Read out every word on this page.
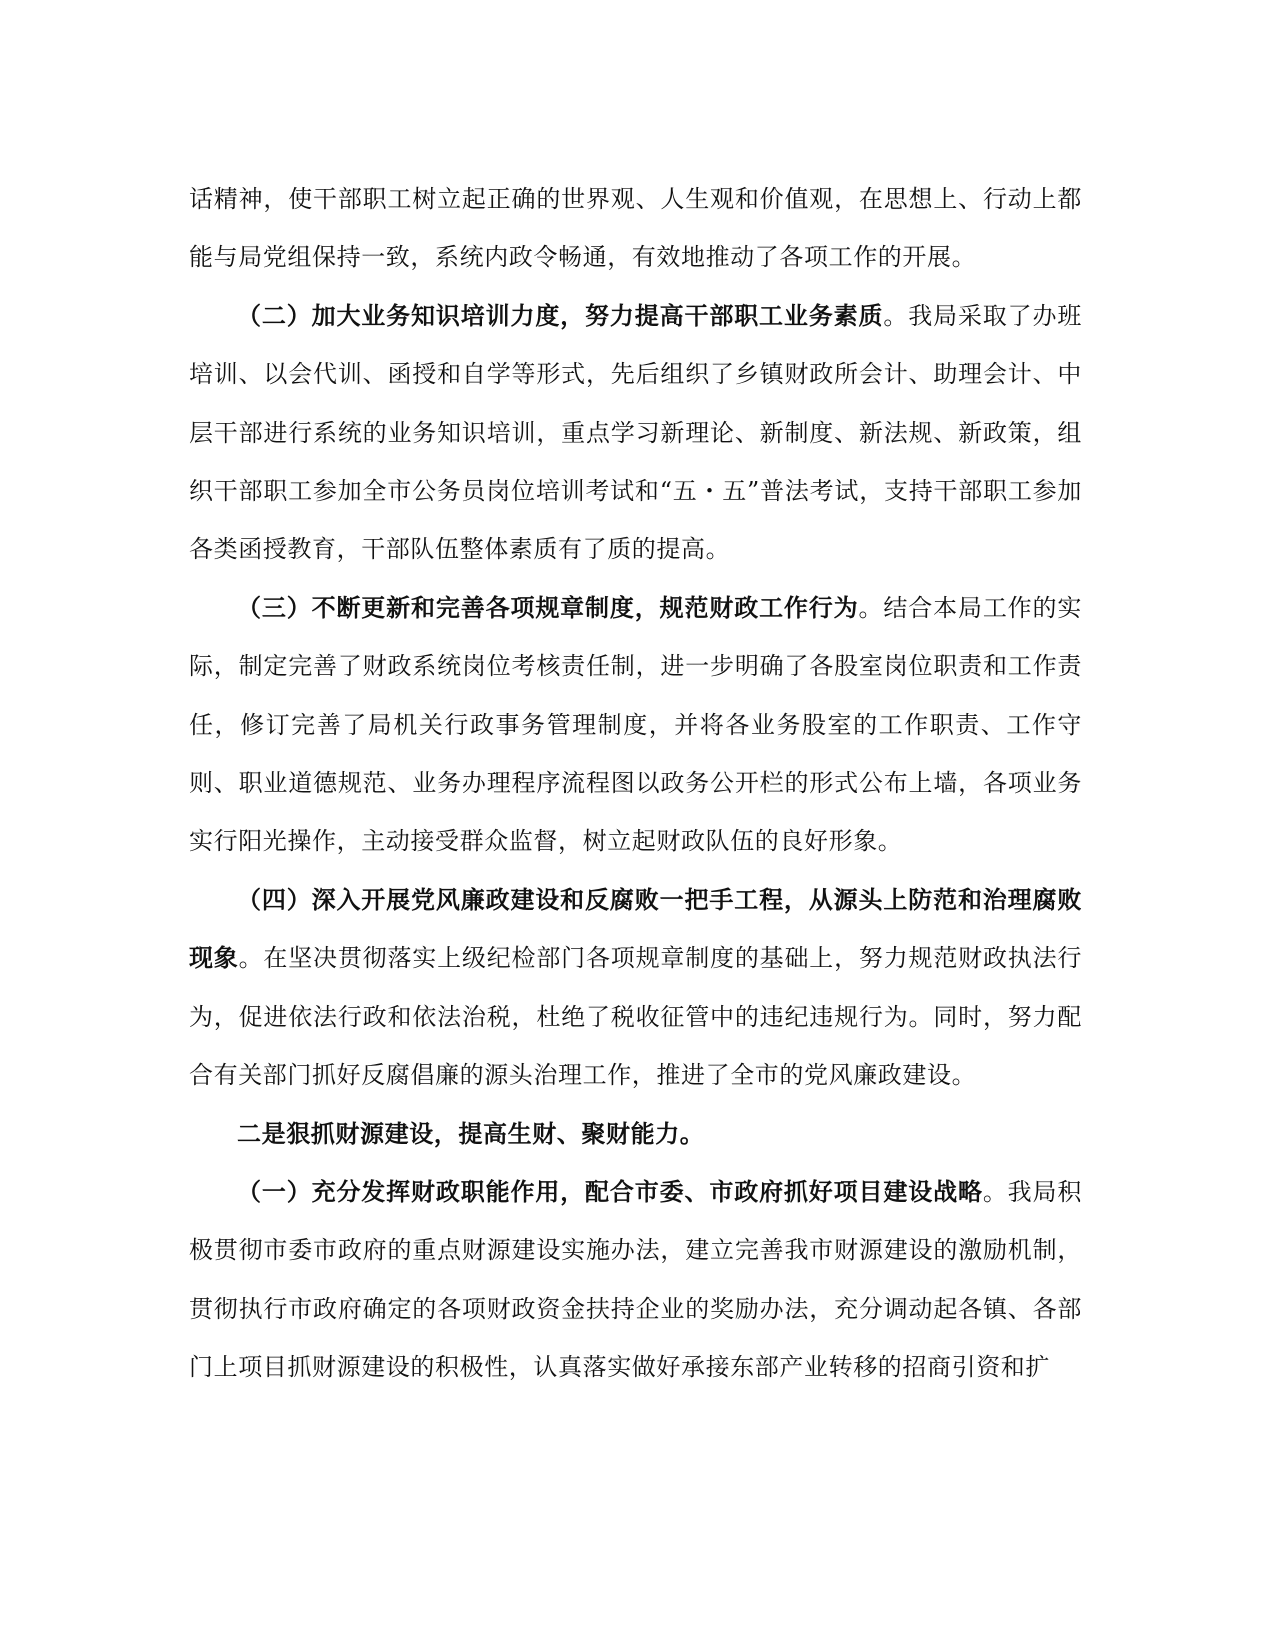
话精神，使干部职工树立起正确的世界观、人生观和价值观，在思想上、行动上都能与局党组保持一致，系统内政令畅通，有效地推动了各项工作的开展。

（二）加大业务知识培训力度，努力提高干部职工业务素质。我局采取了办班培训、以会代训、函授和自学等形式，先后组织了乡镇财政所会计、助理会计、中层干部进行系统的业务知识培训，重点学习新理论、新制度、新法规、新政策，组织干部职工参加全市公务员岗位培训考试和“五・五”普法考试，支持干部职工参加各类函授教育，干部队伍整体素质有了质的提高。

（三）不断更新和完善各项规章制度，规范财政工作行为。结合本局工作的实际，制定完善了财政系统岗位考核责任制，进一步明确了各股室岗位职责和工作责任，修订完善了局机关行政事务管理制度，并将各业务股室的工作职责、工作守则、职业道德规范、业务办理程序流程图以政务公开栏的形式公布上墙，各项业务实行阳光操作，主动接受群众监督，树立起财政队伍的良好形象。

（四）深入开展党风廉政建设和反腐败一把手工程，从源头上防范和治理腐败现象。在坚决贯彻落实上级纪检部门各项规章制度的基础上，努力规范财政执法行为，促进依法行政和依法治税，杜绝了税收征管中的违纪违规行为。同时，努力配合有关部门抓好反腐倡廉的源头治理工作，推进了全市的党风廉政建设。

二是狠抓财源建设，提高生财、聚财能力。

（一）充分发挥财政职能作用，配合市委、市政府抓好项目建设战略。我局积极贯彻市委市政府的重点财源建设实施办法，建立完善我市财源建设的激励机制，贯彻执行市政府确定的各项财政资金扶持企业的奖励办法，充分调动起各镇、各部门上项目抓财源建设的积极性，认真落实做好承接东部产业转移的招商引资和扩
